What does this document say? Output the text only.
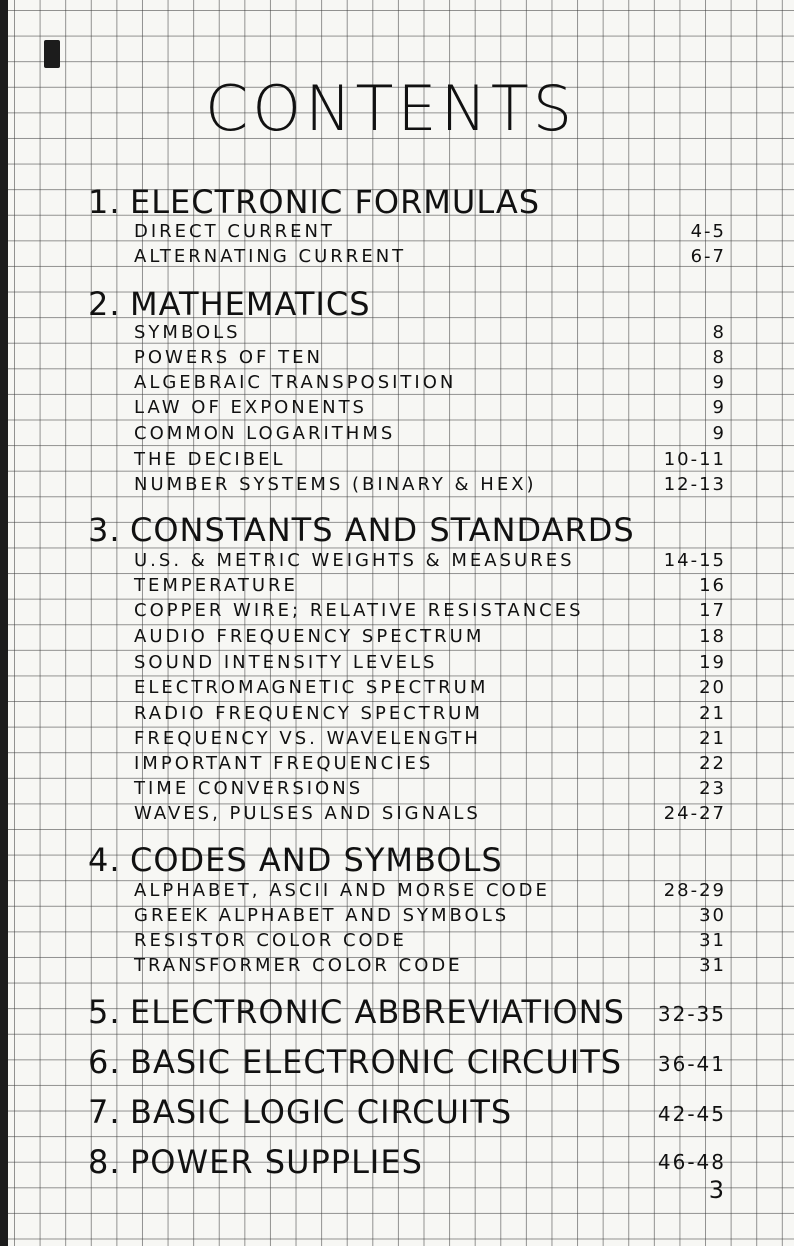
CONTENTS
1. ELECTRONIC FORMULAS
DIRECT CURRENT	4-5
ALTERNATING CURRENT	6-7
2. MATHEMATICS
SYMBOLS	8
POWERS OF TEN	8
ALGEBRAIC TRANSPOSITION	9
LAW OF EXPONENTS	9
COMMON LOGARITHMS	9
THE DECIBEL	10-11
NUMBER SYSTEMS (BINARY & HEX)	12-13
3. CONSTANTS AND STANDARDS
U.S. & METRIC WEIGHTS & MEASURES	14-15
TEMPERATURE	16
COPPER WIRE; RELATIVE RESISTANCES	17
AUDIO FREQUENCY SPECTRUM	18
SOUND INTENSITY LEVELS	19
ELECTROMAGNETIC SPECTRUM	20
RADIO FREQUENCY SPECTRUM	21
FREQUENCY VS. WAVELENGTH	21
IMPORTANT FREQUENCIES	22
TIME CONVERSIONS	23
WAVES, PULSES AND SIGNALS	24-27
4. CODES AND SYMBOLS
ALPHABET, ASCII AND MORSE CODE	28-29
GREEK ALPHABET AND SYMBOLS	30
RESISTOR COLOR CODE	31
TRANSFORMER COLOR CODE	31
5. ELECTRONIC ABBREVIATIONS 32-35
6. BASIC ELECTRONIC CIRCUITS 36-41
7. BASIC LOGIC CIRCUITS	42-45
8. POWER SUPPLIES	46-48
3
